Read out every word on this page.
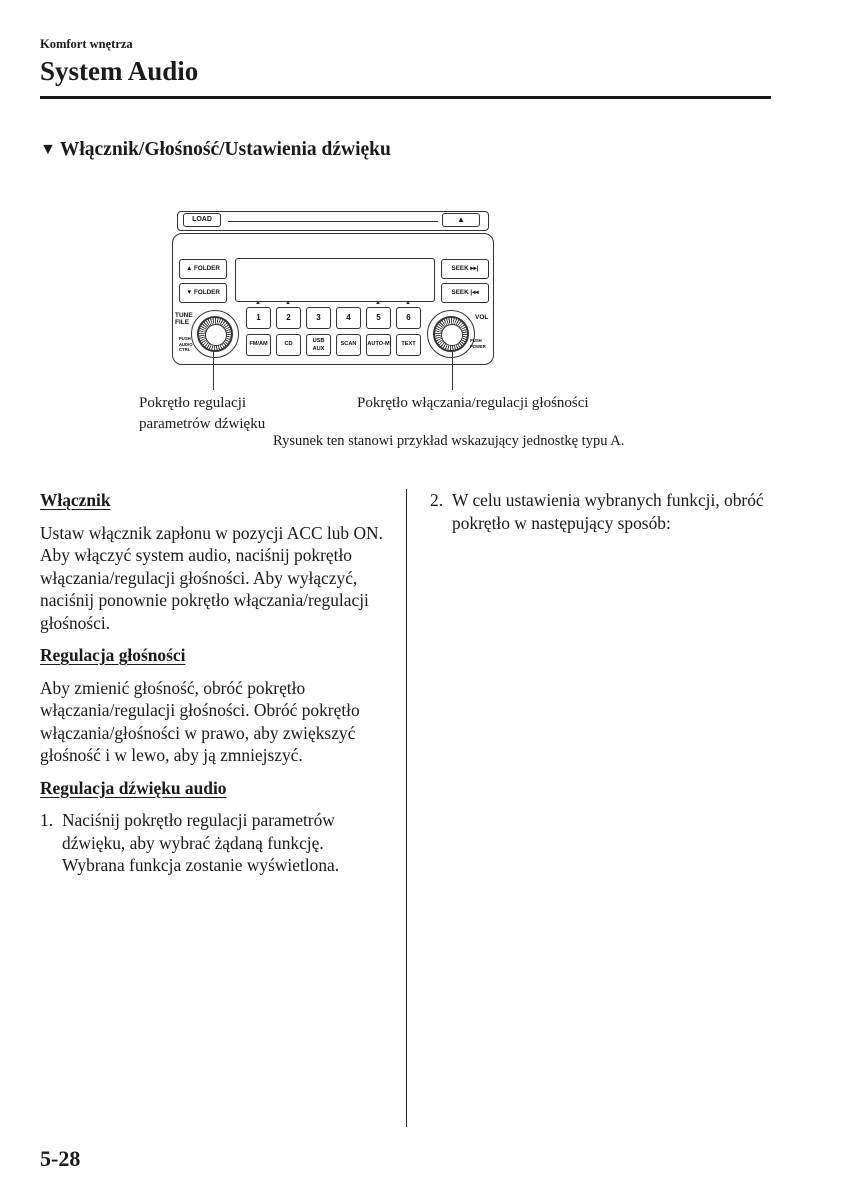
Komfort wnętrza
System Audio
▼ Włącznik/Głośność/Ustawienia dźwięku
LOAD	▲
▲ FOLDER
▼ FOLDER
SEEK ▸▸|
SEEK |◂◂
▲	▲	▲	▲
1	2	3	4	5	6
FM/AM	CD	USB AUX
SCAN	AUTO-M	TEXT
TUNE FILE
PUSH AUDIO CTRL
VOL
PUSH POWER
Pokrętło regulacji
parametrów dźwięku
Pokrętło włączania/regulacji głośności
Rysunek ten stanowi przykład wskazujący jednostkę typu A.

Włącznik

Ustaw włącznik zapłonu w pozycji ACC lub ON. Aby włączyć system audio, naciśnij pokrętło włączania/regulacji głośności. Aby wyłączyć, naciśnij ponownie pokrętło włączania/regulacji głośności.

Regulacja głośności

Aby zmienić głośność, obróć pokrętło włączania/regulacji głośności. Obróć pokrętło włączania/głośności w prawo, aby zwiększyć głośność i w lewo, aby ją zmniejszyć.

Regulacja dźwięku audio

1. Naciśnij pokrętło regulacji parametrów dźwięku, aby wybrać żądaną funkcję. Wybrana funkcja zostanie wyświetlona.
2. W celu ustawienia wybranych funkcji, obróć pokrętło w następujący sposób:
5-28
